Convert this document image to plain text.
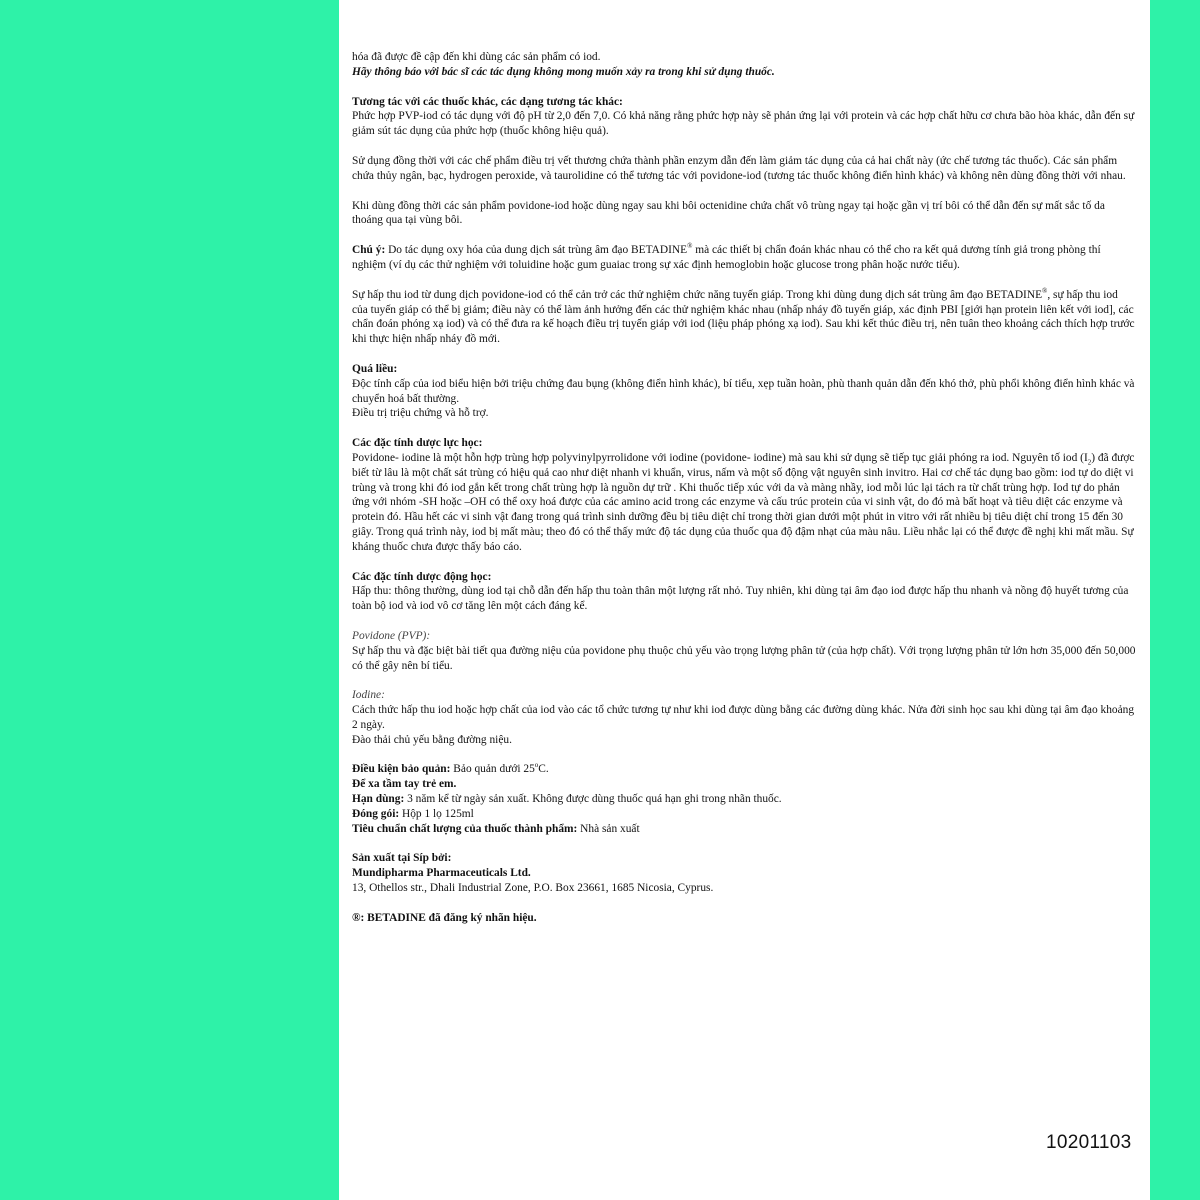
hóa đã được đề cập đến khi dùng các sản phẩm có iod.

Hãy thông báo với bác sĩ các tác dụng không mong muốn xảy ra trong khi sử dụng thuốc.

Tương tác với các thuốc khác, các dạng tương tác khác:

Phức hợp PVP-iod có tác dụng với độ pH từ 2,0 đến 7,0. Có khả năng rằng phức hợp này sẽ phản ứng lại với protein và các hợp chất hữu cơ chưa bão hòa khác, dẫn đến sự giảm sút tác dụng của phức hợp (thuốc không hiệu quả).

Sử dụng đồng thời với các chế phẩm điều trị vết thương chứa thành phần enzym dẫn đến làm giảm tác dụng của cả hai chất này (ức chế tương tác thuốc). Các sản phẩm chứa thủy ngân, bạc, hydrogen peroxide, và taurolidine có thể tương tác với povidone-iod (tương tác thuốc không điển hình khác) và không nên dùng đồng thời với nhau.

Khi dùng đồng thời các sản phẩm povidone-iod hoặc dùng ngay sau khi bôi octenidine chứa chất vô trùng ngay tại hoặc gần vị trí bôi có thể dẫn đến sự mất sắc tố da thoáng qua tại vùng bôi.

Chú ý: Do tác dụng oxy hóa của dung dịch sát trùng âm đạo BETADINE® mà các thiết bị chẩn đoán khác nhau có thể cho ra kết quả dương tính giả trong phòng thí nghiệm (ví dụ các thử nghiệm với toluidine hoặc gum guaiac trong sự xác định hemoglobin hoặc glucose trong phân hoặc nước tiểu).

Sự hấp thu iod từ dung dịch povidone-iod có thể cản trở các thử nghiệm chức năng tuyến giáp. Trong khi dùng dung dịch sát trùng âm đạo BETADINE®, sự hấp thu iod của tuyến giáp có thể bị giảm; điều này có thể làm ảnh hưởng đến các thử nghiệm khác nhau (nhấp nháy đồ tuyến giáp, xác định PBI [giới hạn protein liên kết với iod], các chẩn đoán phóng xạ iod) và có thể đưa ra kế hoạch điều trị tuyến giáp với iod (liệu pháp phóng xạ iod). Sau khi kết thúc điều trị, nên tuân theo khoảng cách thích hợp trước khi thực hiện nhấp nháy đồ mới.

Quá liều:

Độc tính cấp của iod biểu hiện bởi triệu chứng đau bụng (không điển hình khác), bí tiểu, xẹp tuần hoàn, phù thanh quản dẫn đến khó thở, phù phổi không điển hình khác và chuyển hoá bất thường.

Điều trị triệu chứng và hỗ trợ.

Các đặc tính dược lực học:

Povidone- iodine là một hỗn hợp trùng hợp polyvinylpyrrolidone với iodine (povidone- iodine) mà sau khi sử dụng sẽ tiếp tục giải phóng ra iod. Nguyên tố iod $(I_2)$ đã được biết từ lâu là một chất sát trùng có hiệu quả cao như diệt nhanh vi khuẩn, virus, nấm và một số động vật nguyên sinh invitro. Hai cơ chế tác dụng bao gồm: iod tự do diệt vi trùng và trong khi đó iod gắn kết trong chất trùng hợp là nguồn dự trữ . Khi thuốc tiếp xúc với da và màng nhầy, iod mỗi lúc lại tách ra từ chất trùng hợp. Iod tự do phản ứng với nhóm -SH hoặc –OH có thể oxy hoá được của các amino acid trong các enzyme và cấu trúc protein của vi sinh vật, do đó mà bất hoạt và tiêu diệt các enzyme và protein đó. Hầu hết các vi sinh vật đang trong quá trình sinh dưỡng đều bị tiêu diệt chỉ trong thời gian dưới một phút in vitro với rất nhiều bị tiêu diệt chỉ trong 15 đến 30 giây. Trong quá trình này, iod bị mất màu; theo đó có thể thấy mức độ tác dụng của thuốc qua độ đậm nhạt của màu nâu. Liều nhắc lại có thể được đề nghị khi mất mầu. Sự kháng thuốc chưa được thấy báo cáo.

Các đặc tính dược động học:

Hấp thu: thông thường, dùng iod tại chỗ dẫn đến hấp thu toàn thân một lượng rất nhỏ. Tuy nhiên, khi dùng tại âm đạo iod được hấp thu nhanh và nồng độ huyết tương của toàn bộ iod và iod vô cơ tăng lên một cách đáng kể.

Povidone (PVP):

Sự hấp thu và đặc biệt bài tiết qua đường niệu của povidone phụ thuộc chủ yếu vào trọng lượng phân tử (của hợp chất). Với trọng lượng phân tử lớn hơn 35,000 đến 50,000 có thể gây nên bí tiểu.

Iodine:

Cách thức hấp thu iod hoặc hợp chất của iod vào các tổ chức tương tự như khi iod được dùng bằng các đường dùng khác. Nửa đời sinh học sau khi dùng tại âm đạo khoảng 2 ngày.

Đào thải chủ yếu bằng đường niệu.

Điều kiện bảo quản: Bảo quản dưới 25$^o$C.

Để xa tầm tay trẻ em.

Hạn dùng: 3 năm kể từ ngày sản xuất. Không được dùng thuốc quá hạn ghi trong nhãn thuốc.

Đóng gói: Hộp 1 lọ 125ml

Tiêu chuẩn chất lượng của thuốc thành phẩm: Nhà sản xuất

Sản xuất tại Síp bởi:

Mundipharma Pharmaceuticals Ltd.

13, Othellos str., Dhali Industrial Zone, P.O. Box 23661, 1685 Nicosia, Cyprus.

®: BETADINE đã đăng ký nhãn hiệu.

10201103
